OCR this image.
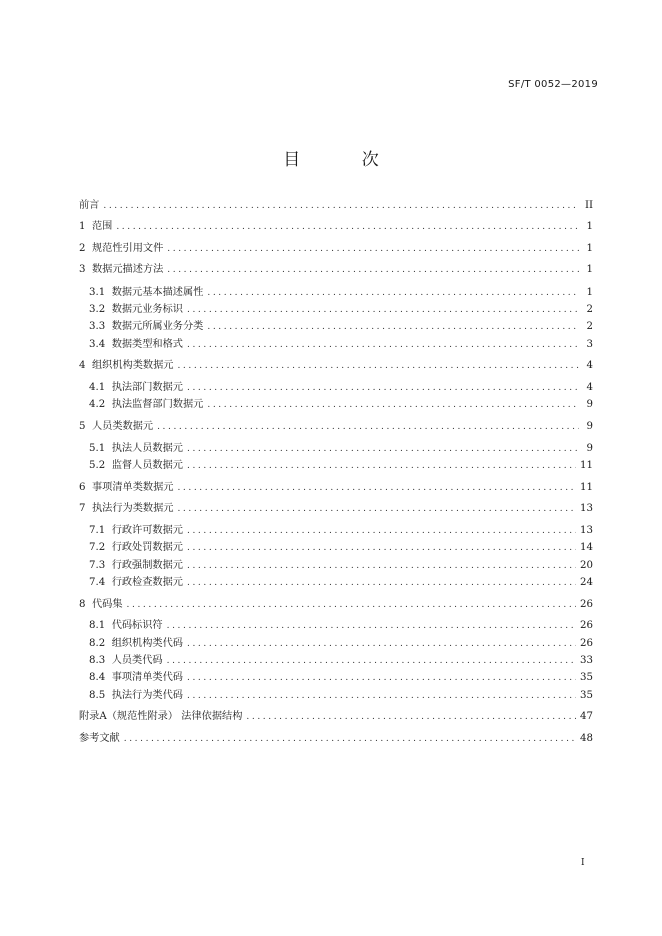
SF/T 0052—2019
目 次
前言 .....	II
1 范围 .....	1
2 规范性引用文件 .....	1
3 数据元描述方法 .....	1
3.1 数据元基本描述属性 .....	1
3.2 数据元业务标识 .....	2
3.3 数据元所属业务分类 .....	2
3.4 数据类型和格式 .....	3
4 组织机构类数据元 .....	4
4.1 执法部门数据元 .....	4
4.2 执法监督部门数据元 .....	9
5 人员类数据元 .....	9
5.1 执法人员数据元 .....	9
5.2 监督人员数据元 .....	11
6 事项清单类数据元 .....	11
7 执法行为类数据元 .....	13
7.1 行政许可数据元 .....	13
7.2 行政处罚数据元 .....	14
7.3 行政强制数据元 .....	20
7.4 行政检查数据元 .....	24
8 代码集 .....	26
8.1 代码标识符 .....	26
8.2 组织机构类代码 .....	26
8.3 人员类代码 .....	33
8.4 事项清单类代码 .....	35
8.5 执法行为类代码 .....	35
附录A（规范性附录） 法律依据结构 .....	47
参考文献 .....	48
I
